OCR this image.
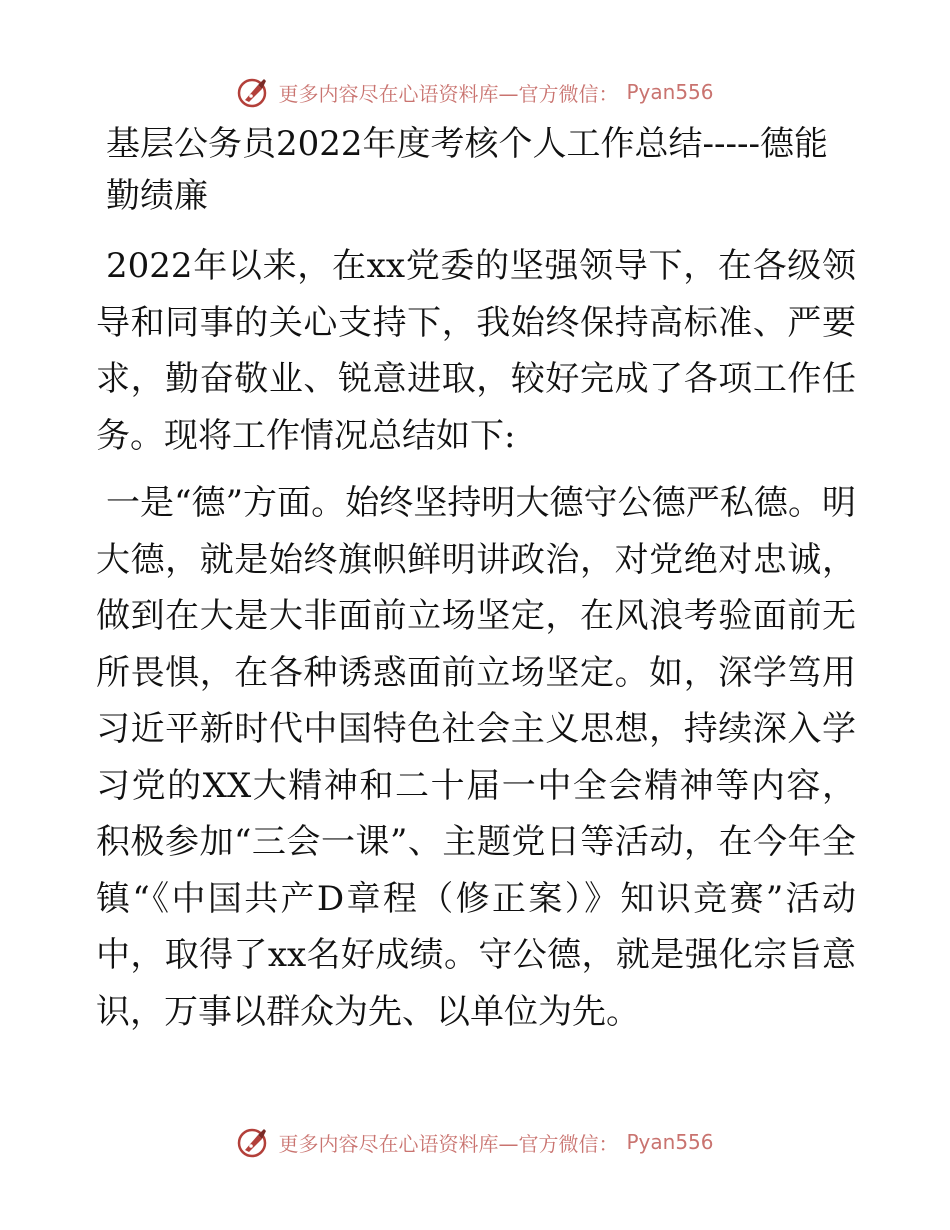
更多内容尽在心语资料库—官方微信： Pyan556
基层公务员2022年度考核个人工作总结-----德能勤绩廉

2022年以来，在xx党委的坚强领导下，在各级领导和同事的关心支持下，我始终保持高标准、严要求，勤奋敬业、锐意进取，较好完成了各项工作任务。现将工作情况总结如下:

一是“德”方面。始终坚持明大德守公德严私德。明大德，就是始终旗帜鲜明讲政治，对党绝对忠诚，做到在大是大非面前立场坚定，在风浪考验面前无所畏惧，在各种诱惑面前立场坚定。如，深学笃用习近平新时代中国特色社会主义思想，持续深入学习党的XX大精神和二十届一中全会精神等内容，积极参加“三会一课”、主题党日等活动，在今年全镇“《中国共产D章程（修正案）》知识竞赛”活动中，取得了xx名好成绩。守公德，就是强化宗旨意识，万事以群众为先、以单位为先。

更多内容尽在心语资料库—官方微信： Pyan556
